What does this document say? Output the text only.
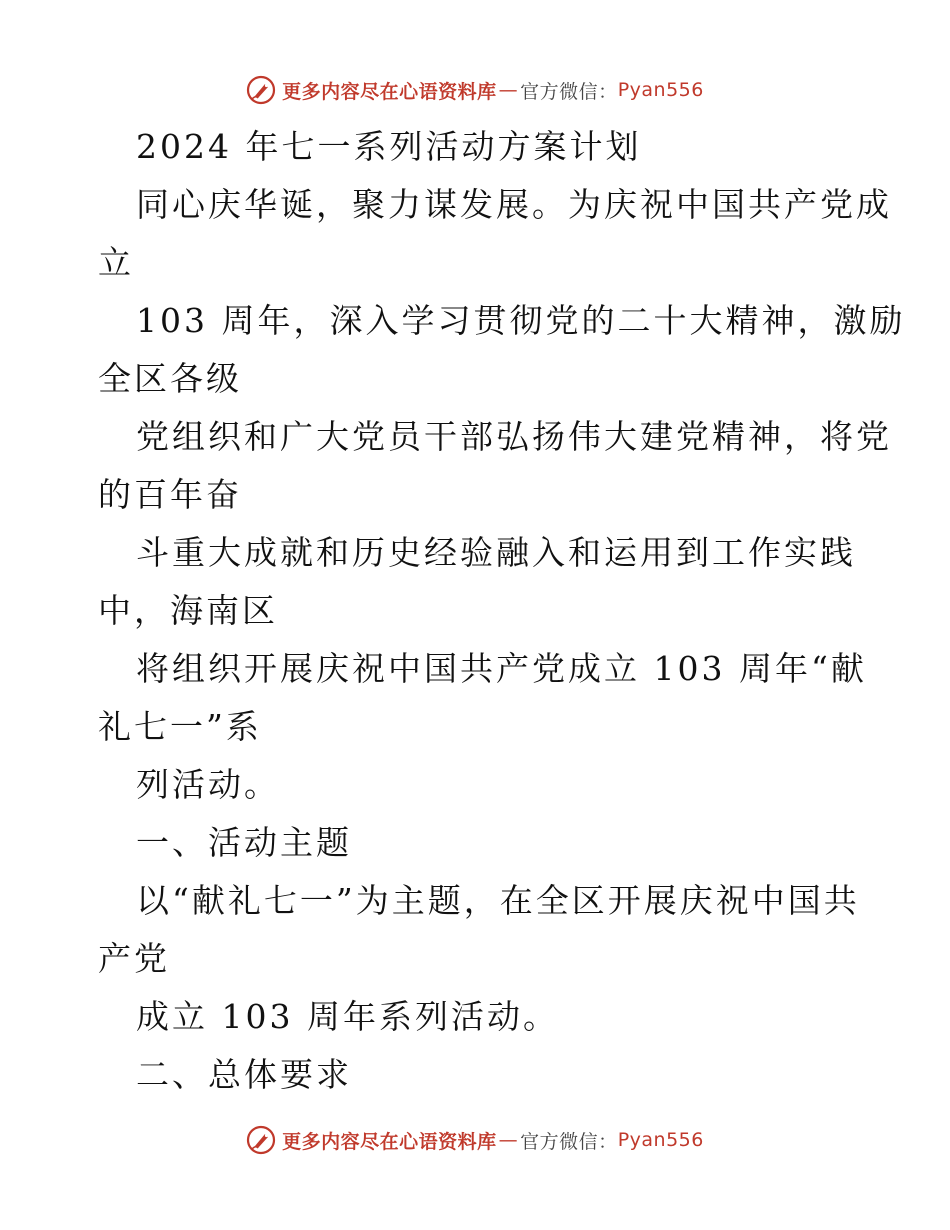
更多内容尽在心语资料库 — 官方微信： Pyan556
2024 年七一系列活动方案计划
同心庆华诞，聚力谋发展。为庆祝中国共产党成
立
103 周年，深入学习贯彻党的二十大精神，激励
全区各级
党组织和广大党员干部弘扬伟大建党精神，将党
的百年奋
斗重大成就和历史经验融入和运用到工作实践
中，海南区
将组织开展庆祝中国共产党成立 103 周年“献
礼七一”系
列活动。
一、活动主题
以“献礼七一”为主题，在全区开展庆祝中国共
产党
成立 103 周年系列活动。
二、总体要求
更多内容尽在心语资料库 — 官方微信： Pyan556
